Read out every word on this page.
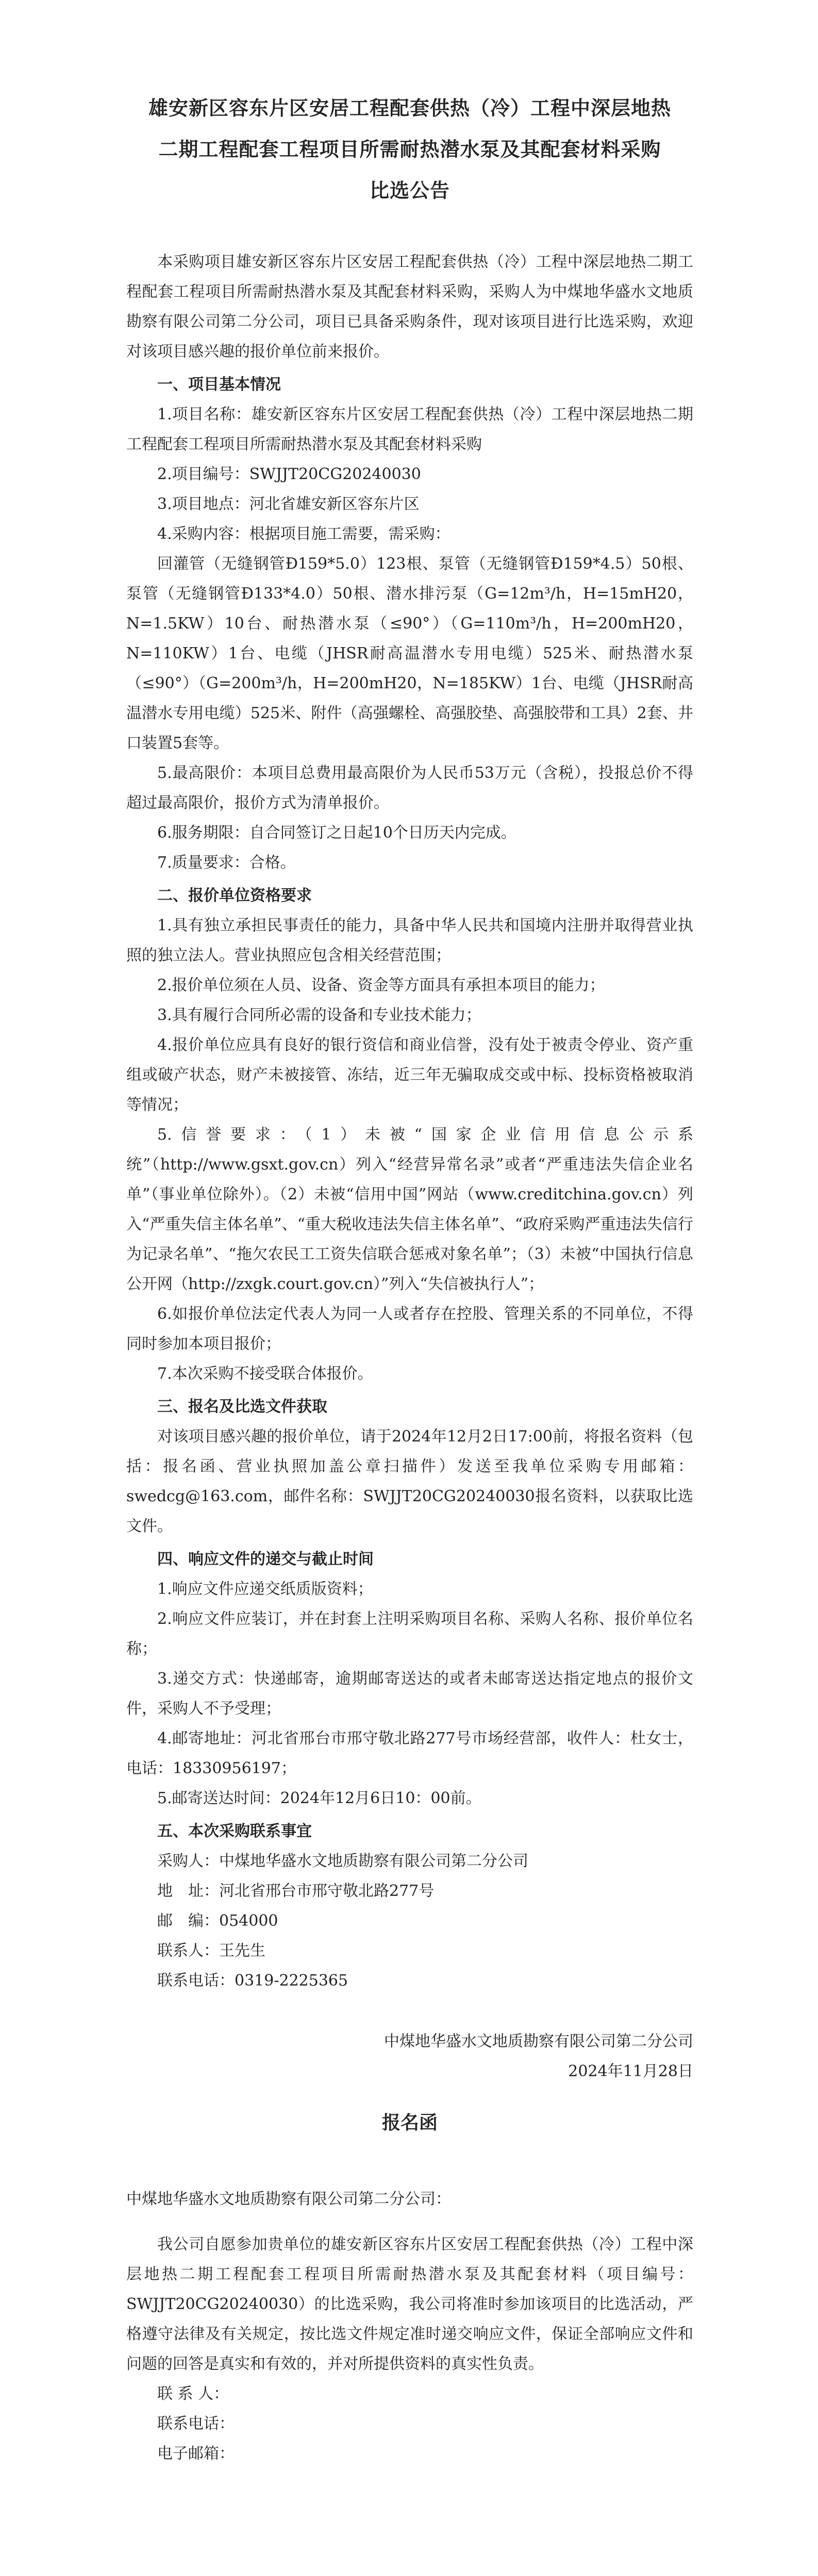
雄安新区容东片区安居工程配套供热（冷）工程中深层地热
二期工程配套工程项目所需耐热潜水泵及其配套材料采购
比选公告

本采购项目雄安新区容东片区安居工程配套供热（冷）工程中深层地热二期工程配套工程项目所需耐热潜水泵及其配套材料采购，采购人为中煤地华盛水文地质勘察有限公司第二分公司，项目已具备采购条件，现对该项目进行比选采购，欢迎对该项目感兴趣的报价单位前来报价。

一、项目基本情况

1.项目名称：雄安新区容东片区安居工程配套供热（冷）工程中深层地热二期工程配套工程项目所需耐热潜水泵及其配套材料采购

2.项目编号：SWJJT20CG20240030

3.项目地点：河北省雄安新区容东片区

4.采购内容：根据项目施工需要，需采购：

回灌管（无缝钢管Ð159*5.0）123根、泵管（无缝钢管Ð159*4.5）50根、泵管（无缝钢管Ð133*4.0）50根、潜水排污泵（G=12m³/h，H=15mH20，N=1.5KW）10台、耐热潜水泵（≤90°）（G=110m³/h，H=200mH20，N=110KW）1台、电缆（JHSR耐高温潜水专用电缆）525米、耐热潜水泵（≤90°）（G=200m³/h，H=200mH20，N=185KW）1台、电缆（JHSR耐高温潜水专用电缆）525米、附件（高强螺栓、高强胶垫、高强胶带和工具）2套、井口装置5套等。

5.最高限价：本项目总费用最高限价为人民币53万元（含税），投报总价不得超过最高限价，报价方式为清单报价。

6.服务期限：自合同签订之日起10个日历天内完成。

7.质量要求：合格。

二、报价单位资格要求

1.具有独立承担民事责任的能力，具备中华人民共和国境内注册并取得营业执照的独立法人。营业执照应包含相关经营范围；

2.报价单位须在人员、设备、资金等方面具有承担本项目的能力；

3.具有履行合同所必需的设备和专业技术能力；

4.报价单位应具有良好的银行资信和商业信誉，没有处于被责令停业、资产重组或破产状态，财产未被接管、冻结，近三年无骗取成交或中标、投标资格被取消等情况；

5.信誉要求：（1）未被“国家企业信用信息公示系统”（http://www.gsxt.gov.cn）列入“经营异常名录”或者“严重违法失信企业名单”（事业单位除外）。（2）未被“信用中国”网站（www.creditchina.gov.cn）列入“严重失信主体名单”、“重大税收违法失信主体名单”、“政府采购严重违法失信行为记录名单”、“拖欠农民工工资失信联合惩戒对象名单”；（3）未被“中国执行信息公开网（http://zxgk.court.gov.cn）”列入“失信被执行人”；

6.如报价单位法定代表人为同一人或者存在控股、管理关系的不同单位，不得同时参加本项目报价；

7.本次采购不接受联合体报价。

三、报名及比选文件获取

对该项目感兴趣的报价单位，请于2024年12月2日17:00前，将报名资料（包括：报名函、营业执照加盖公章扫描件）发送至我单位采购专用邮箱：swedcg@163.com，邮件名称：SWJJT20CG20240030报名资料，以获取比选文件。

四、响应文件的递交与截止时间

1.响应文件应递交纸质版资料；

2.响应文件应装订，并在封套上注明采购项目名称、采购人名称、报价单位名称；

3.递交方式：快递邮寄，逾期邮寄送达的或者未邮寄送达指定地点的报价文件，采购人不予受理；

4.邮寄地址：河北省邢台市邢守敬北路277号市场经营部，收件人：杜女士，电话：18330956197；

5.邮寄送达时间：2024年12月6日10：00前。

五、本次采购联系事宜

采购人：中煤地华盛水文地质勘察有限公司第二分公司

地　址：河北省邢台市邢守敬北路277号

邮　编：054000

联系人：王先生

联系电话：0319-2225365

中煤地华盛水文地质勘察有限公司第二分公司

2024年11月28日

报名函

中煤地华盛水文地质勘察有限公司第二分公司：

我公司自愿参加贵单位的雄安新区容东片区安居工程配套供热（冷）工程中深层地热二期工程配套工程项目所需耐热潜水泵及其配套材料（项目编号：SWJJT20CG20240030）的比选采购，我公司将准时参加该项目的比选活动，严格遵守法律及有关规定，按比选文件规定准时递交响应文件，保证全部响应文件和问题的回答是真实和有效的，并对所提供资料的真实性负责。

联 系 人：

联系电话：

电子邮箱：
